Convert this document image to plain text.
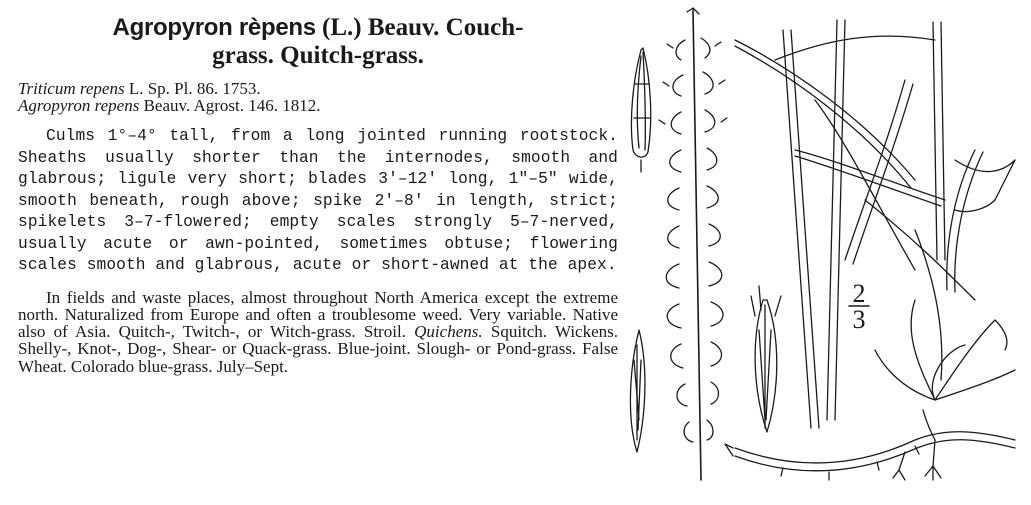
Agropyron rèpens (L.) Beauv. Couch-
grass. Quitch-grass.
Triticum repens L. Sp. Pl. 86. 1753.
Agropyron repens Beauv. Agrost. 146. 1812.

Culms 1°–4° tall, from a long jointed running rootstock. Sheaths usually shorter than the internodes, smooth and glabrous; ligule very short; blades 3′–12′ long, 1″–5″ wide, smooth beneath, rough above; spike 2′–8′ in length, strict; spikelets 3–7-flowered; empty scales strongly 5–7-nerved, usually acute or awn-pointed, sometimes obtuse; flowering scales smooth and glabrous, acute or short-awned at the apex.

In fields and waste places, almost throughout North America except the extreme north. Naturalized from Europe and often a troublesome weed. Very variable. Native also of Asia. Quitch-, Twitch-, or Witch-grass. Stroil. Quichens. Squitch. Wickens. Shelly-, Knot-, Dog-, Shear- or Quack-grass. Blue-joint. Slough- or Pond-grass. False Wheat. Colorado blue-grass. July–Sept.

2
3
